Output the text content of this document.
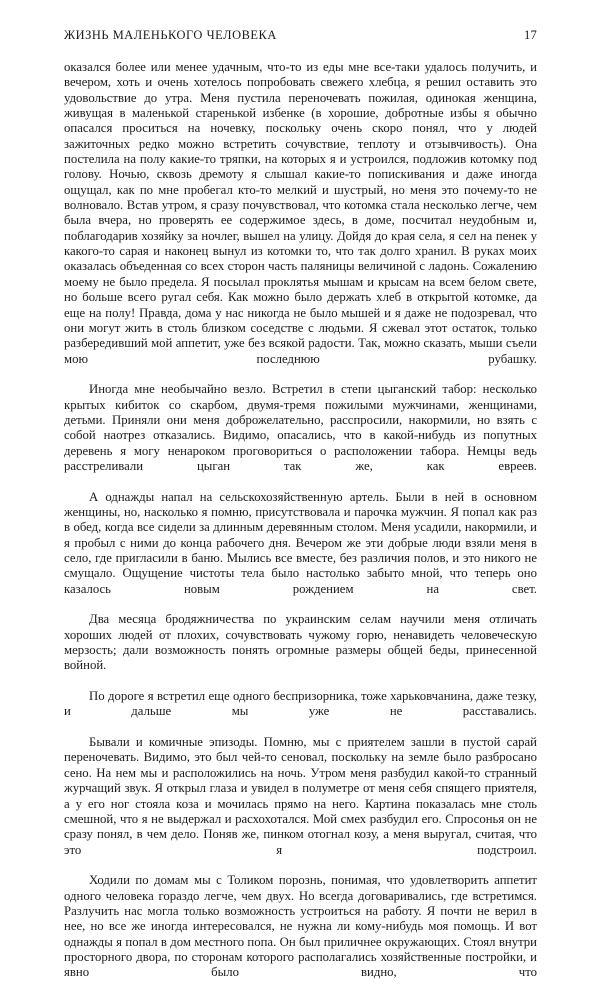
ЖИЗНЬ МАЛЕНЬКОГО ЧЕЛОВЕКА	17

оказался более или менее удачным, что-то из еды мне все-таки удалось получить, и вечером, хоть и очень хотелось попробовать свежего хлебца, я решил оставить это удовольствие до утра. Меня пустила переночевать пожилая, одинокая женщина, живущая в маленькой старенькой избенке (в хорошие, добротные избы я обычно опасался проситься на ночевку, поскольку очень скоро понял, что у людей зажиточных редко можно встретить сочувствие, теплоту и отзывчивость). Она постелила на полу какие-то тряпки, на которых я и устроился, подложив котомку под голову. Ночью, сквозь дремоту я слышал какие-то попискивания и даже иногда ощущал, как по мне пробегал кто-то мелкий и шустрый, но меня это почему-то не волновало. Встав утром, я сразу почувствовал, что котомка стала несколько легче, чем была вчера, но проверять ее содержимое здесь, в доме, посчитал неудобным и, поблагодарив хозяйку за ночлег, вышел на улицу. Дойдя до края села, я сел на пенек у какого-то сарая и наконец вынул из котомки то, что так долго хранил. В руках моих оказалась объеденная со всех сторон часть паляницы величиной с ладонь. Сожалению моему не было предела. Я посылал проклятья мышам и крысам на всем белом свете, но больше всего ругал себя. Как можно было держать хлеб в открытой котомке, да еще на полу! Правда, дома у нас никогда не было мышей и я даже не подозревал, что они могут жить в столь близком соседстве с людьми. Я сжевал этот остаток, только разбередивший мой аппетит, уже без всякой радости. Так, можно сказать, мыши съели мою последнюю рубашку.

Иногда мне необычайно везло. Встретил в степи цыганский табор: несколько крытых кибиток со скарбом, двумя-тремя пожилыми мужчинами, женщинами, детьми. Приняли они меня доброжелательно, расспросили, накормили, но взять с собой наотрез отказались. Видимо, опасались, что в какой-нибудь из попутных деревень я могу ненароком проговориться о расположении табора. Немцы ведь расстреливали цыган так же, как евреев.

А однажды напал на сельскохозяйственную артель. Были в ней в основном женщины, но, насколько я помню, присутствовала и парочка мужчин. Я попал как раз в обед, когда все сидели за длинным деревянным столом. Меня усадили, накормили, и я пробыл с ними до конца рабочего дня. Вечером же эти добрые люди взяли меня в село, где пригласили в баню. Мылись все вместе, без различия полов, и это никого не смущало. Ощущение чистоты тела было настолько забыто мной, что теперь оно казалось новым рождением на свет.

Два месяца бродяжничества по украинским селам научили меня отличать хороших людей от плохих, сочувствовать чужому горю, ненавидеть человеческую мерзость; дали возможность понять огромные размеры общей беды, принесенной войной.

По дороге я встретил еще одного беспризорника, тоже харьковчанина, даже тезку, и дальше мы уже не расставались.

Бывали и комичные эпизоды. Помню, мы с приятелем зашли в пустой сарай переночевать. Видимо, это был чей-то сеновал, поскольку на земле было разбросано сено. На нем мы и расположились на ночь. Утром меня разбудил какой-то странный журчащий звук. Я открыл глаза и увидел в полуметре от меня себя спящего приятеля, а у его ног стояла коза и мочилась прямо на него. Картина показалась мне столь смешной, что я не выдержал и расхохотался. Мой смех разбудил его. Спросонья он не сразу понял, в чем дело. Поняв же, пинком отогнал козу, а меня выругал, считая, что это я подстроил.

Ходили по домам мы с Толиком порознь, понимая, что удовлетворить аппетит одного человека гораздо легче, чем двух. Но всегда договаривались, где встретимся. Разлучить нас могла только возможность устроиться на работу. Я почти не верил в нее, но все же иногда интересовался, не нужна ли кому-нибудь моя помощь. И вот однажды я попал в дом местного попа. Он был приличнее окружающих. Стоял внутри просторного двора, по сторонам которого располагались хозяйственные постройки, и явно было видно, что
